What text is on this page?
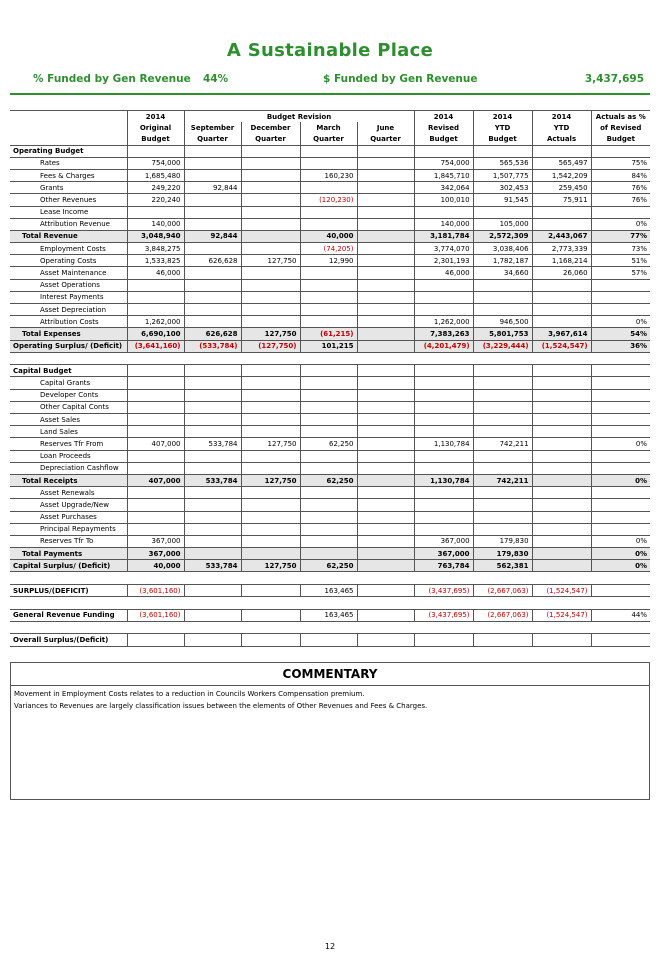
A Sustainable Place
% Funded by Gen Revenue 44%	$ Funded by Gen Revenue	3,437,695
	2014	Budget Revision				2014	2014	2014	Actuals as %
	Original	September	December	March	June	Revised	YTD	YTD	of Revised
	Budget	Quarter	Quarter	Quarter	Quarter	Budget	Budget	Actuals	Budget
Operating Budget									
Rates	754,000					754,000	565,536	565,497	75%
Fees & Charges	1,685,480			160,230		1,845,710	1,507,775	1,542,209	84%
Grants	249,220	92,844				342,064	302,453	259,450	76%
Other Revenues	220,240			(120,230)		100,010	91,545	75,911	76%
Lease Income									
Attribution Revenue	140,000					140,000	105,000		0%
Total Revenue	3,048,940	92,844		40,000		3,181,784	2,572,309	2,443,067	77%
Employment Costs	3,848,275			(74,205)		3,774,070	3,038,406	2,773,339	73%
Operating Costs	1,533,825	626,628	127,750	12,990		2,301,193	1,782,187	1,168,214	51%
Asset Maintenance	46,000					46,000	34,660	26,060	57%
Asset Operations									
Interest Payments									
Asset Depreciation									
Attribution Costs	1,262,000					1,262,000	946,500		0%
Total Expenses	6,690,100	626,628	127,750	(61,215)		7,383,263	5,801,753	3,967,614	54%
Operating Surplus/ (Deficit)	(3,641,160)	(533,784)	(127,750)	101,215		(4,201,479)	(3,229,444)	(1,524,547)	36%

Capital Budget									
Capital Grants									
Developer Conts									
Other Capital Conts									
Asset Sales									
Land Sales									
Reserves Tfr From	407,000	533,784	127,750	62,250		1,130,784	742,211		0%
Loan Proceeds									
Depreciation Cashflow									
Total Receipts	407,000	533,784	127,750	62,250		1,130,784	742,211		0%
Asset Renewals									
Asset Upgrade/New									
Asset Purchases									
Principal Repayments									
Reserves Tfr To	367,000					367,000	179,830		0%
Total Payments	367,000					367,000	179,830		0%
Capital Surplus/ (Deficit)	40,000	533,784	127,750	62,250		763,784	562,381		0%

SURPLUS/(DEFICIT)	(3,601,160)			163,465		(3,437,695)	(2,667,063)	(1,524,547)	

General Revenue Funding	(3,601,160)			163,465		(3,437,695)	(2,667,063)	(1,524,547)	44%

Overall Surplus/(Deficit)									
COMMENTARY
Movement in Employment Costs relates to a reduction in Councils Workers Compensation premium.
Variances to Revenues are largely classification issues between the elements of Other Revenues and Fees & Charges.
12
